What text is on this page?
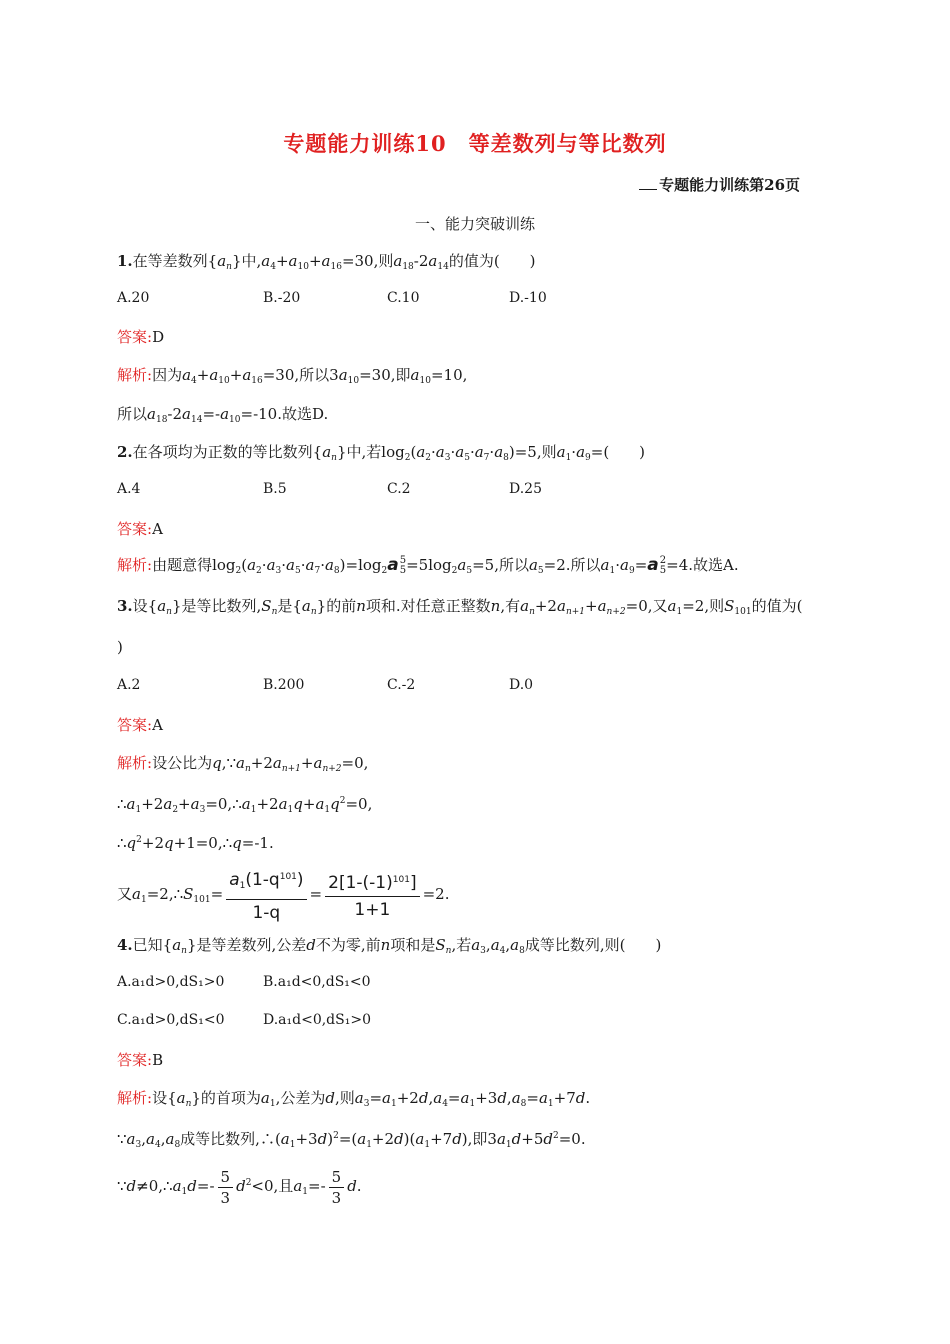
专题能力训练10 等差数列与等比数列
专题能力训练第26页
一、能力突破训练
1.在等差数列$\{a_n\}$中$,a_4+a_{10}+a_{16}=30$,则$a_{18}-2a_{14}$的值为(　　)
A.20	B.-20	C.10	D.-10
答案:D
解析:因为$a_4+a_{10}+a_{16}=30$,所以$3a_{10}=30$,即$a_{10}=10$,
所以$a_{18}-2a_{14}=-a_{10}=-10$.故选D.
2.在各项均为正数的等比数列$\{a_n\}$中,若$\log_2(a_2\cdot a_3\cdot a_5\cdot a_7\cdot a_8)=5$,则$a_1\cdot a_9=$(　　)
A.4	B.5	C.2	D.25
答案:A
解析:由题意得$\log_2(a_2\cdot a_3\cdot a_5\cdot a_7\cdot a_8)=\log_2a$ 5
$5 =5\log_2a_5=5$,所以$a_5=2$.所以$a_1\cdot a_9=a$ 2
5 =4.故选A.
3.设$\{a_n\}$是等比数列$,S_n$是$\{a_n\}$的前n项和.对任意正整数n,有$a_n+2a_{n+1}+a_{n+2}=0$,又$a_1=2$,则$S_{101}$的值为(
)
A.2	B.200	C.-2	D.0
答案:A
解析:设公比为$q,\because a_n+2a_{n+1}+a_{n+2}=0$,
$\therefore a_1+2a_2+a_3=0,\therefore a_1+2a_1q+a_1q^2=0$,
$\therefore q^2+2q+1=0,\therefore q=-1$.
又$a_1=2,\therefore S_{101}= \frac{a_1(1-q^{101})}{1-q} = \frac{2[1-(-1)^{101}]}{1+1} =2$.
4.已知$\{a_n\}$是等差数列,公差d不为零,前n项和是$S_n$,若$a_3,a_4,a_8$成等比数列,则(　　)
A.a₁d>0,dS₁>0	B.a₁d<0,dS₁<0
C.a₁d>0,dS₁<0	D.a₁d<0,dS₁>0
答案:B
解析:设$\{a_n\}$的首项为$a_1$,公差为d,则$a_3=a_1+2d,a_4=a_1+3d,a_8=a_1+7d$.
$\because a_3,a_4,a_8$成等比数列$,\therefore(a_1+3d)^2=(a_1+2d)(a_1+7d)$,即$3a_1d+5d^2=0$.
$\because d\ne 0,\therefore a_1d=- \frac{5}{3} d^2<0$,且$a_1=- \frac{5}{3} d$.
